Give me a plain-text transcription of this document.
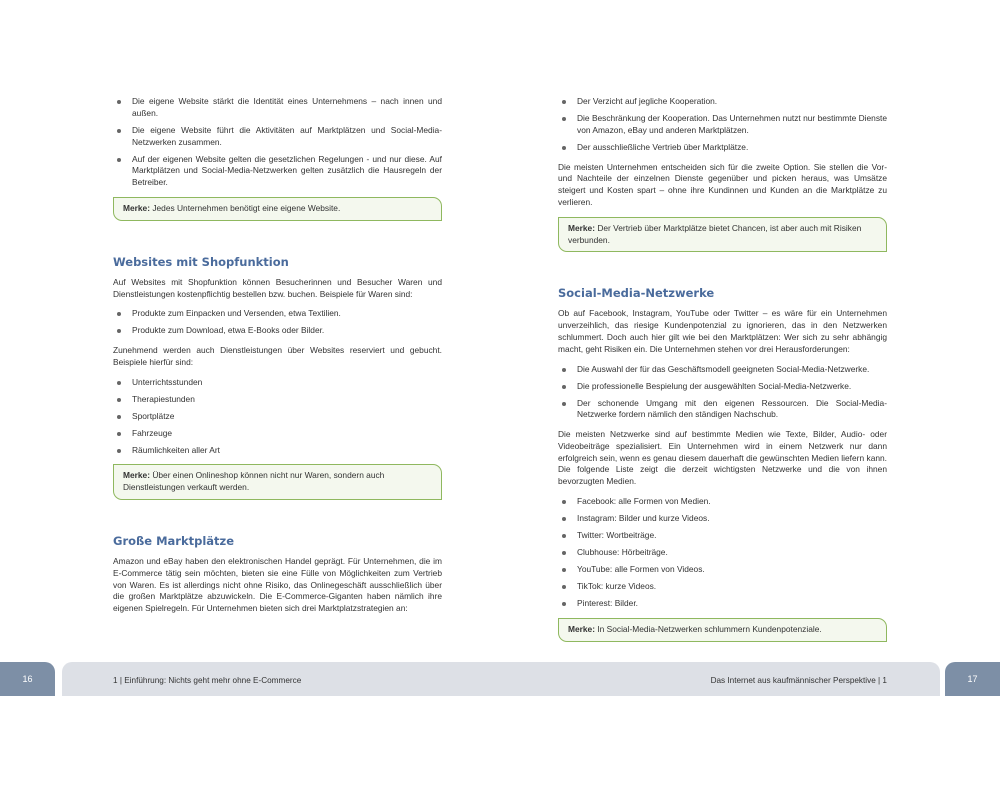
Die eigene Website stärkt die Identität eines Unternehmens – nach innen und außen.
Die eigene Website führt die Aktivitäten auf Marktplätzen und Social-Media-Netzwerken zusammen.
Auf der eigenen Website gelten die gesetzlichen Regelungen - und nur diese. Auf Marktplätzen und Social-Media-Netzwerken gelten zusätzlich die Hausregeln der Betreiber.
Merke: Jedes Unternehmen benötigt eine eigene Website.
Websites mit Shopfunktion

Auf Websites mit Shopfunktion können Besucherinnen und Besucher Waren und Dienstleistungen kostenpflichtig bestellen bzw. buchen. Beispiele für Waren sind:

Produkte zum Einpacken und Versenden, etwa Textilien.
Produkte zum Download, etwa E-Books oder Bilder.

Zunehmend werden auch Dienstleistungen über Websites reserviert und gebucht. Beispiele hierfür sind:

Unterrichtsstunden
Therapiestunden
Sportplätze
Fahrzeuge
Räumlichkeiten aller Art
Merke: Über einen Onlineshop können nicht nur Waren, sondern auch Dienstleistungen verkauft werden.
Große Marktplätze

Amazon und eBay haben den elektronischen Handel geprägt. Für Unternehmen, die im E-Commerce tätig sein möchten, bieten sie eine Fülle von Möglichkeiten zum Vertrieb von Waren. Es ist allerdings nicht ohne Risiko, das Onlinegeschäft ausschließlich über die großen Marktplätze abzuwickeln. Die E-Commerce-Giganten haben nämlich ihre eigenen Spielregeln. Für Unternehmen bieten sich drei Marktplatzstrategien an:

Der Verzicht auf jegliche Kooperation.
Die Beschränkung der Kooperation. Das Unternehmen nutzt nur bestimmte Dienste von Amazon, eBay und anderen Marktplätzen.
Der ausschließliche Vertrieb über Marktplätze.

Die meisten Unternehmen entscheiden sich für die zweite Option. Sie stellen die Vor- und Nachteile der einzelnen Dienste gegenüber und picken heraus, was Umsätze steigert und Kosten spart – ohne ihre Kundinnen und Kunden an die Marktplätze zu verlieren.

Merke: Der Vertrieb über Marktplätze bietet Chancen, ist aber auch mit Risiken verbunden.
Social-Media-Netzwerke

Ob auf Facebook, Instagram, YouTube oder Twitter – es wäre für ein Unternehmen unverzeihlich, das riesige Kundenpotenzial zu ignorieren, das in den Netzwerken schlummert. Doch auch hier gilt wie bei den Marktplätzen: Wer sich zu sehr abhängig macht, geht Risiken ein. Die Unternehmen stehen vor drei Herausforderungen:

Die Auswahl der für das Geschäftsmodell geeigneten Social-Media-Netzwerke.
Die professionelle Bespielung der ausgewählten Social-Media-Netzwerke.
Der schonende Umgang mit den eigenen Ressourcen. Die Social-Media-Netzwerke fordern nämlich den ständigen Nachschub.

Die meisten Netzwerke sind auf bestimmte Medien wie Texte, Bilder, Audio- oder Videobeiträge spezialisiert. Ein Unternehmen wird in einem Netzwerk nur dann erfolgreich sein, wenn es genau diesem dauerhaft die gewünschten Medien liefern kann. Die folgende Liste zeigt die derzeit wichtigsten Netzwerke und die von ihnen bevorzugten Medien.

Facebook: alle Formen von Medien.
Instagram: Bilder und kurze Videos.
Twitter: Wortbeiträge.
Clubhouse: Hörbeiträge.
YouTube: alle Formen von Videos.
TikTok: kurze Videos.
Pinterest: Bilder.
Merke: In Social-Media-Netzwerken schlummern Kundenpotenziale.
16	17
1 | Einführung: Nichts geht mehr ohne E-Commerce	Das Internet aus kaufmännischer Perspektive | 1
